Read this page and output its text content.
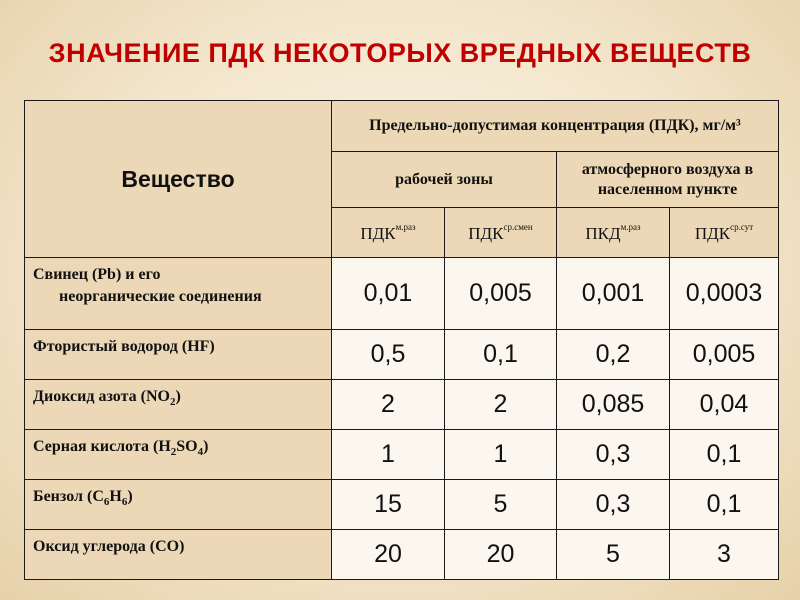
ЗНАЧЕНИЕ ПДК НЕКОТОРЫХ ВРЕДНЫХ ВЕЩЕСТВ
Вещество	Предельно-допустимая концентрация (ПДК), мг/м³			
	рабочей зоны		атмосферного воздуха в населенном пункте	
	$ПДК^{м.раз}$	$ПДК^{ср.смен}$	$ПКД^{м.раз}$	$ПДК^{ср.сут}$
Свинец (Pb) и его
неорганические соединения	0,01	0,005	0,001	0,0003
Фтористый водород (HF)	0,5	0,1	0,2	0,005
Диоксид азота $(NO_2)$	2	2	0,085	0,04
Серная кислота $(H_2SO_4)$	1	1	0,3	0,1
Бензол $(C_6H_6)$	15	5	0,3	0,1
Оксид углерода (CO)	20	20	5	3
